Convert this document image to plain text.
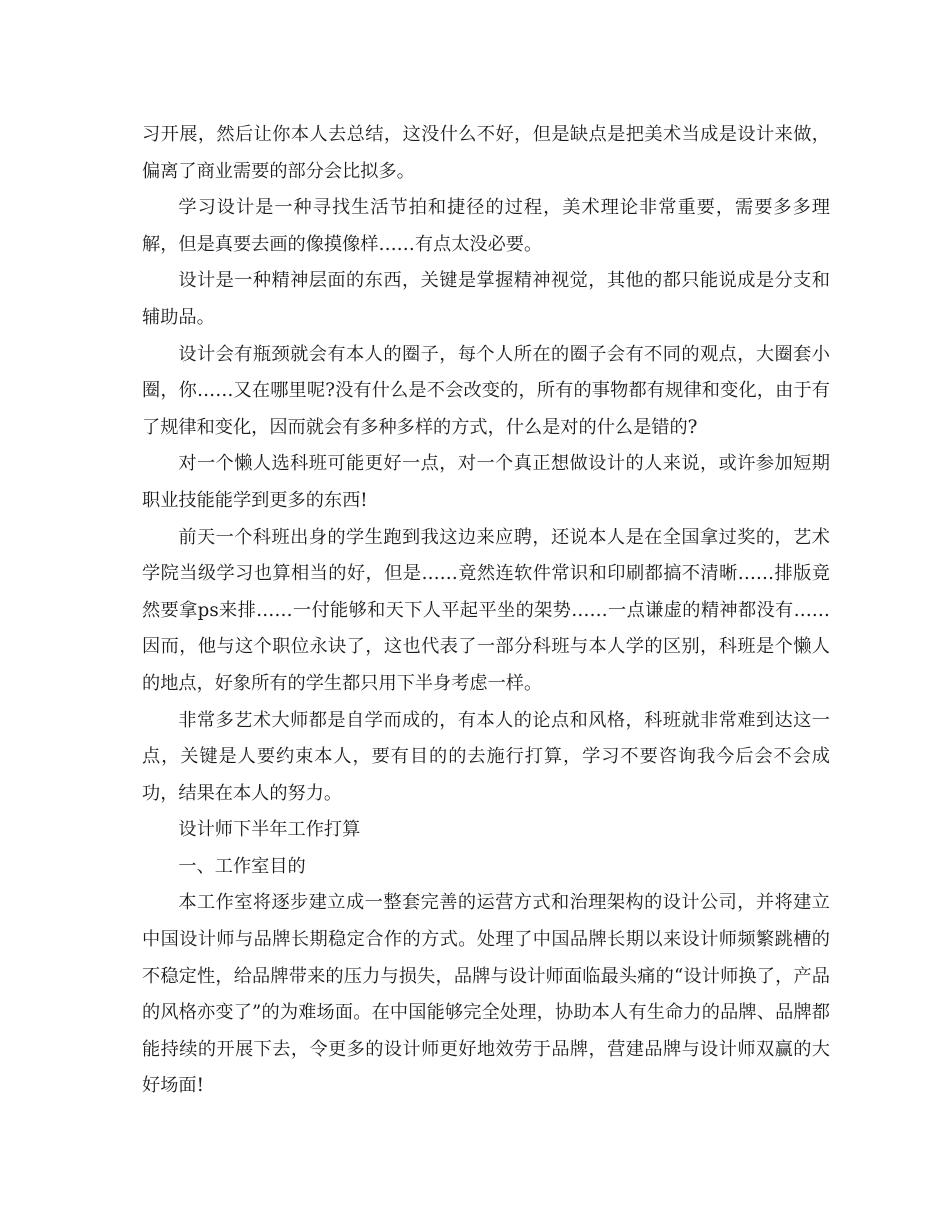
习开展，然后让你本人去总结，这没什么不好，但是缺点是把美术当成是设计来做，偏离了商业需要的部分会比拟多。

学习设计是一种寻找生活节拍和捷径的过程，美术理论非常重要，需要多多理解，但是真要去画的像摸像样……有点太没必要。

设计是一种精神层面的东西，关键是掌握精神视觉，其他的都只能说成是分支和辅助品。

设计会有瓶颈就会有本人的圈子，每个人所在的圈子会有不同的观点，大圈套小圈，你……又在哪里呢?没有什么是不会改变的，所有的事物都有规律和变化，由于有了规律和变化，因而就会有多种多样的方式，什么是对的什么是错的?

对一个懒人选科班可能更好一点，对一个真正想做设计的人来说，或许参加短期职业技能能学到更多的东西!

前天一个科班出身的学生跑到我这边来应聘，还说本人是在全国拿过奖的，艺术学院当级学习也算相当的好，但是……竟然连软件常识和印刷都搞不清晰……排版竟然要拿ps来排……一付能够和天下人平起平坐的架势……一点谦虚的精神都没有……因而，他与这个职位永诀了，这也代表了一部分科班与本人学的区别，科班是个懒人的地点，好象所有的学生都只用下半身考虑一样。

非常多艺术大师都是自学而成的，有本人的论点和风格，科班就非常难到达这一点，关键是人要约束本人，要有目的的去施行打算，学习不要咨询我今后会不会成功，结果在本人的努力。

设计师下半年工作打算

一、工作室目的

本工作室将逐步建立成一整套完善的运营方式和治理架构的设计公司，并将建立中国设计师与品牌长期稳定合作的方式。处理了中国品牌长期以来设计师频繁跳槽的不稳定性，给品牌带来的压力与损失，品牌与设计师面临最头痛的“设计师换了，产品的风格亦变了”的为难场面。在中国能够完全处理，协助本人有生命力的品牌、品牌都能持续的开展下去，令更多的设计师更好地效劳于品牌，营建品牌与设计师双赢的大好场面!
